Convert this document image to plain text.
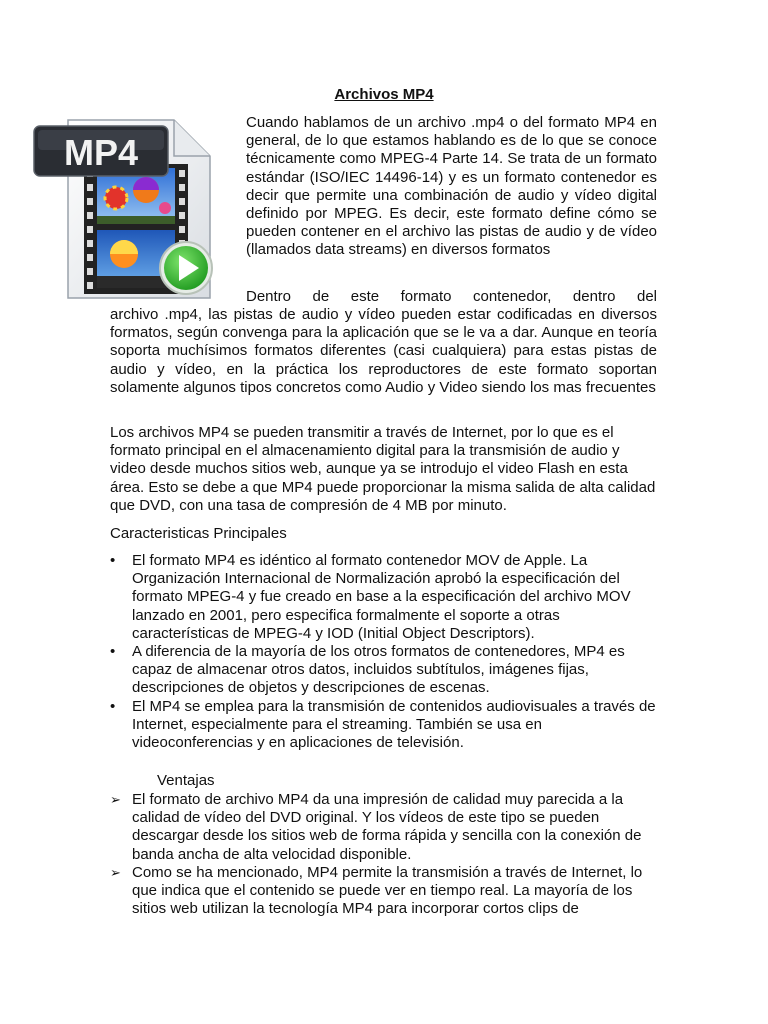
Archivos MP4
MP4
Cuando hablamos de un archivo .mp4 o del formato MP4 en general, de lo que estamos hablando es de lo que se conoce técnicamente como MPEG-4 Parte 14. Se trata de un formato estándar (ISO/IEC 14496-14) y es un formato contenedor es decir que permite una combinación de audio y vídeo digital definido por MPEG. Es decir, este formato define cómo se pueden contener en el archivo las pistas de audio y de vídeo (llamados data streams) en diversos formatos
Dentro de este formato contenedor, dentro del
archivo .mp4, las pistas de audio y vídeo pueden estar codificadas en diversos formatos, según convenga para la aplicación que se le va a dar. Aunque en teoría soporta muchísimos formatos diferentes (casi cualquiera) para estas pistas de audio y vídeo, en la práctica los reproductores de este formato soportan solamente algunos tipos concretos como Audio y Video siendo los mas frecuentes
Los archivos MP4 se pueden transmitir a través de Internet, por lo que es el formato principal en el almacenamiento digital para la transmisión de audio y video desde muchos sitios web, aunque ya se introdujo el video Flash en esta área. Esto se debe a que MP4 puede proporcionar la misma salida de alta calidad que DVD, con una tasa de compresión de 4 MB por minuto.
Caracteristicas Principales
• El formato MP4 es idéntico al formato contenedor MOV de Apple. La Organización Internacional de Normalización aprobó la especificación del formato MPEG-4 y fue creado en base a la especificación del archivo MOV lanzado en 2001, pero especifica formalmente el soporte a otras características de MPEG-4 y IOD (Initial Object Descriptors).
• A diferencia de la mayoría de los otros formatos de contenedores, MP4 es capaz de almacenar otros datos, incluidos subtítulos, imágenes fijas, descripciones de objetos y descripciones de escenas.
• El MP4 se emplea para la transmisión de contenidos audiovisuales a través de Internet, especialmente para el streaming. También se usa en videoconferencias y en aplicaciones de televisión.
Ventajas
➢ El formato de archivo MP4 da una impresión de calidad muy parecida a la calidad de vídeo del DVD original. Y los vídeos de este tipo se pueden descargar desde los sitios web de forma rápida y sencilla con la conexión de banda ancha de alta velocidad disponible.
➢ Como se ha mencionado, MP4 permite la transmisión a través de Internet, lo que indica que el contenido se puede ver en tiempo real. La mayoría de los sitios web utilizan la tecnología MP4 para incorporar cortos clips de
